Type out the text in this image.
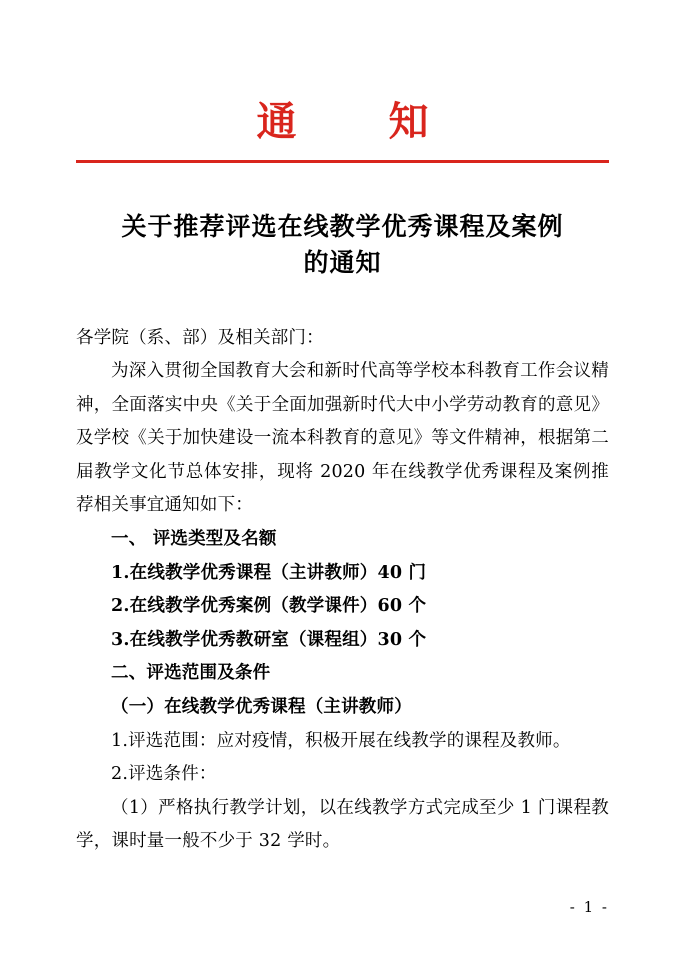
通　知
关于推荐评选在线教学优秀课程及案例
的通知

各学院（系、部）及相关部门：

为深入贯彻全国教育大会和新时代高等学校本科教育工作会议精神，全面落实中央《关于全面加强新时代大中小学劳动教育的意见》及学校《关于加快建设一流本科教育的意见》等文件精神，根据第二届教学文化节总体安排，现将 2020 年在线教学优秀课程及案例推荐相关事宜通知如下：

一、 评选类型及名额

1.在线教学优秀课程（主讲教师）40 门

2.在线教学优秀案例（教学课件）60 个

3.在线教学优秀教研室（课程组）30 个

二、评选范围及条件

（一）在线教学优秀课程（主讲教师）

1.评选范围：应对疫情，积极开展在线教学的课程及教师。

2.评选条件：

（1）严格执行教学计划，以在线教学方式完成至少 1 门课程教学，课时量一般不少于 32 学时。

- 1 -
